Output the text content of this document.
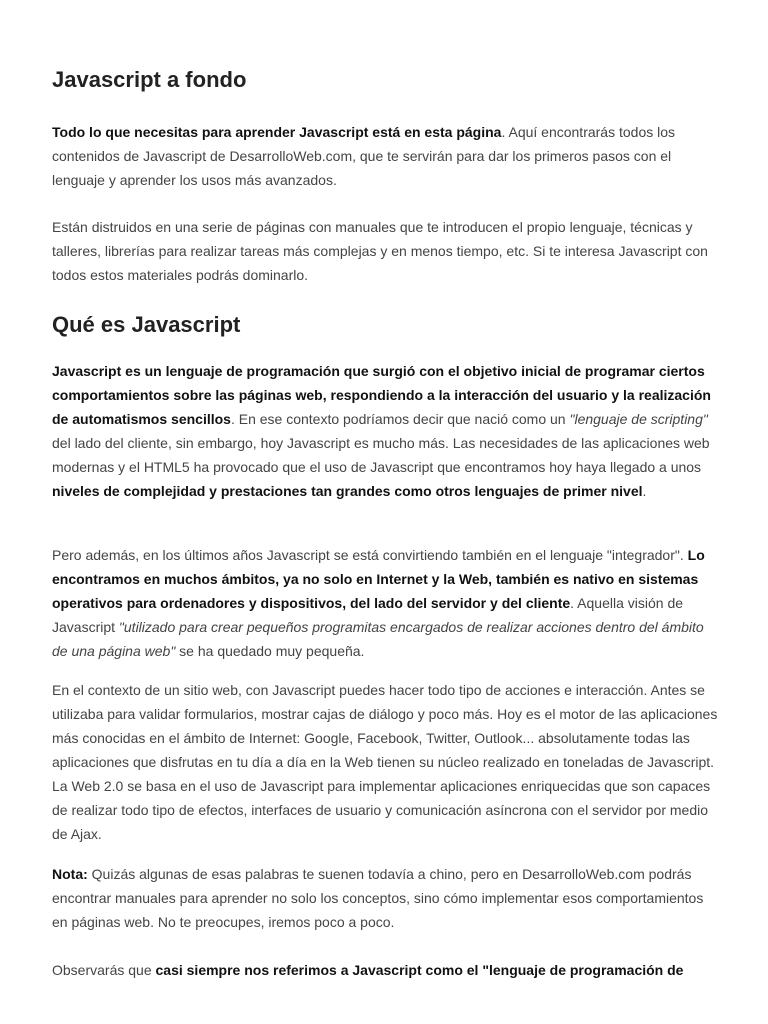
Javascript a fondo

Todo lo que necesitas para aprender Javascript está en esta página. Aquí encontrarás todos los contenidos de Javascript de DesarrolloWeb.com, que te servirán para dar los primeros pasos con el lenguaje y aprender los usos más avanzados.

Están distruidos en una serie de páginas con manuales que te introducen el propio lenguaje, técnicas y talleres, librerías para realizar tareas más complejas y en menos tiempo, etc. Si te interesa Javascript con todos estos materiales podrás dominarlo.

Qué es Javascript

Javascript es un lenguaje de programación que surgió con el objetivo inicial de programar ciertos comportamientos sobre las páginas web, respondiendo a la interacción del usuario y la realización de automatismos sencillos. En ese contexto podríamos decir que nació como un "lenguaje de scripting" del lado del cliente, sin embargo, hoy Javascript es mucho más. Las necesidades de las aplicaciones web modernas y el HTML5 ha provocado que el uso de Javascript que encontramos hoy haya llegado a unos niveles de complejidad y prestaciones tan grandes como otros lenguajes de primer nivel.

Pero además, en los últimos años Javascript se está convirtiendo también en el lenguaje "integrador". Lo encontramos en muchos ámbitos, ya no solo en Internet y la Web, también es nativo en sistemas operativos para ordenadores y dispositivos, del lado del servidor y del cliente. Aquella visión de Javascript "utilizado para crear pequeños programitas encargados de realizar acciones dentro del ámbito de una página web" se ha quedado muy pequeña.

En el contexto de un sitio web, con Javascript puedes hacer todo tipo de acciones e interacción. Antes se utilizaba para validar formularios, mostrar cajas de diálogo y poco más. Hoy es el motor de las aplicaciones más conocidas en el ámbito de Internet: Google, Facebook, Twitter, Outlook... absolutamente todas las aplicaciones que disfrutas en tu día a día en la Web tienen su núcleo realizado en toneladas de Javascript. La Web 2.0 se basa en el uso de Javascript para implementar aplicaciones enriquecidas que son capaces de realizar todo tipo de efectos, interfaces de usuario y comunicación asíncrona con el servidor por medio de Ajax.

Nota: Quizás algunas de esas palabras te suenen todavía a chino, pero en DesarrolloWeb.com podrás encontrar manuales para aprender no solo los conceptos, sino cómo implementar esos comportamientos en páginas web. No te preocupes, iremos poco a poco.

Observarás que casi siempre nos referimos a Javascript como el "lenguaje de programación de
